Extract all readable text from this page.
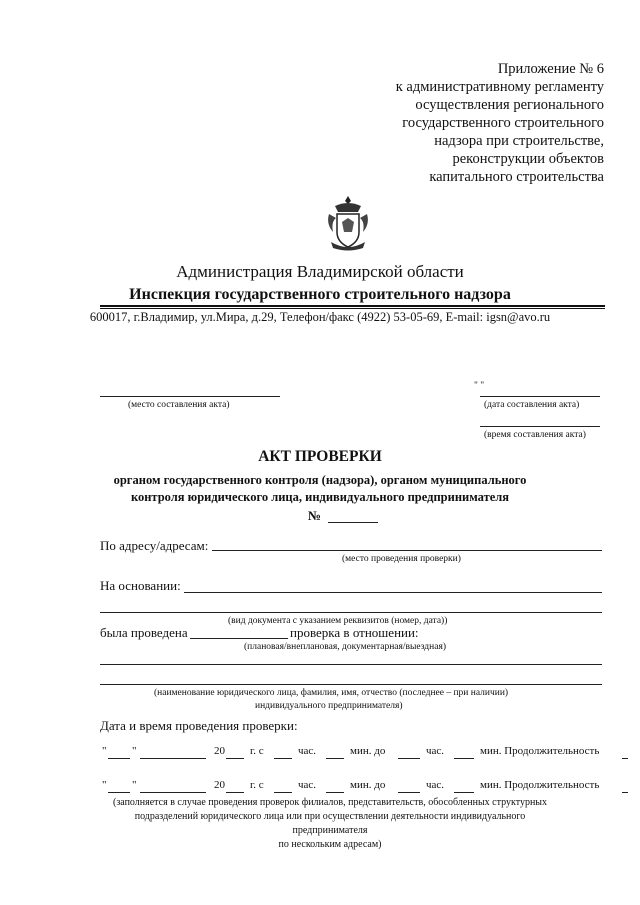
Приложение № 6
к административному регламенту
осуществления регионального
государственного строительного
надзора при строительстве,
реконструкции объектов
капитального строительства
Администрация Владимирской области
Инспекция государственного строительного надзора
600017, г.Владимир, ул.Мира, д.29, Телефон/факс (4922) 53-05-69, E-mail: igsn@avo.ru
(место составления акта)
" "
(дата составления акта)
(время составления акта)
АКТ ПРОВЕРКИ
органом государственного контроля (надзора), органом муниципального
контроля юридического лица, индивидуального предпринимателя
№
По адресу/адресам:
(место проведения проверки)
На основании:
(вид документа с указанием реквизитов (номер, дата))
была проведена	проверка в отношении:
(плановая/внеплановая, документарная/выездная)
(наименование юридического лица, фамилия, имя, отчество (последнее – при наличии)
индивидуального предпринимателя)
Дата и время проведения проверки:
" "	20 г. с	час.	мин. до	час.	мин. Продолжительность
" "	20 г. с	час.	мин. до	час.	мин. Продолжительность
(заполняется в случае проведения проверок филиалов, представительств, обособленных структурных
подразделений юридического лица или при осуществлении деятельности индивидуального
предпринимателя
по нескольким адресам)
